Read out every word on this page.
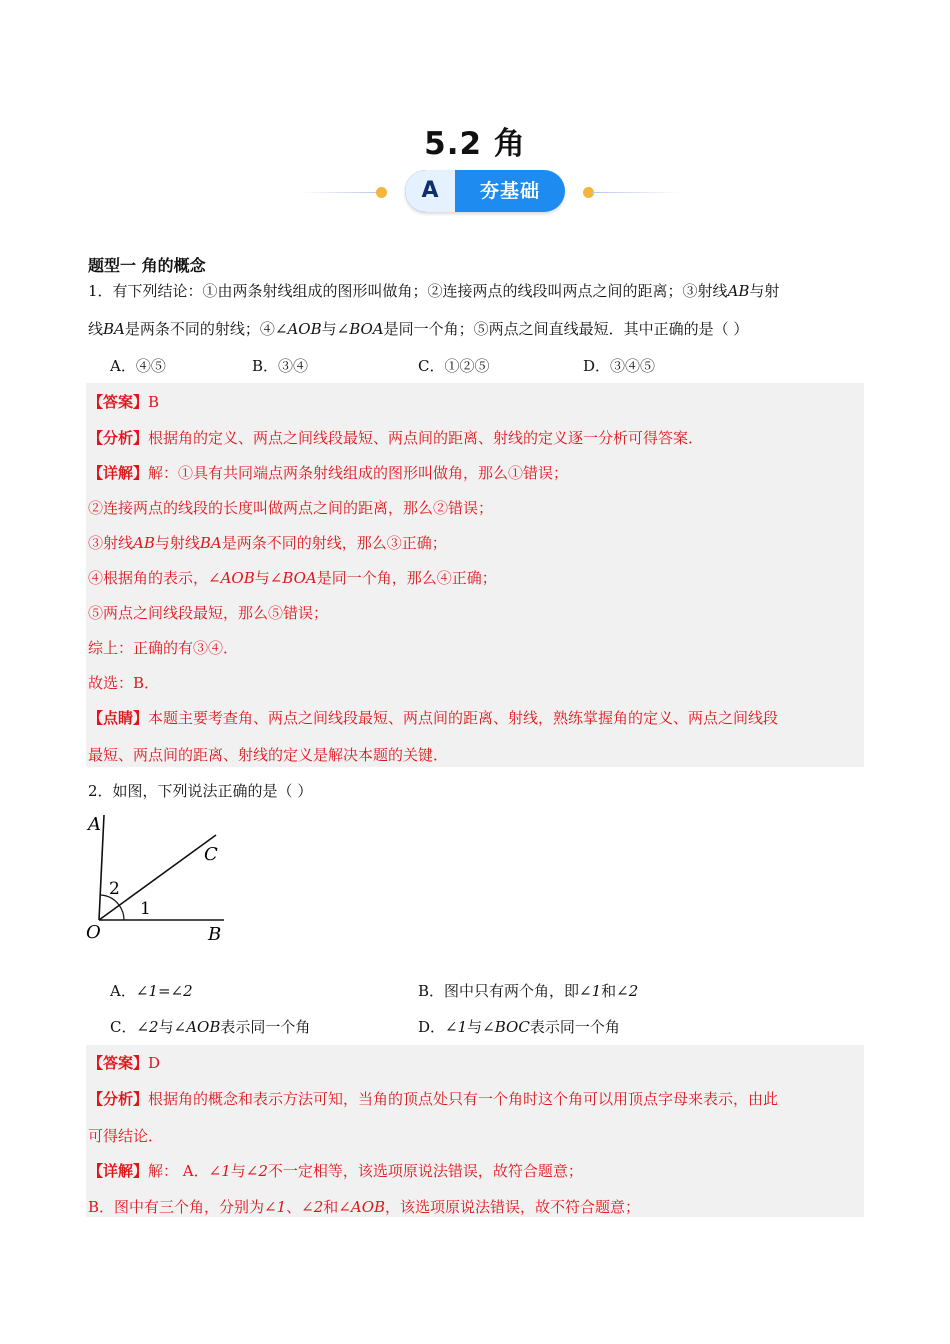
5.2 角
A	夯基础
题型一 角的概念
1．有下列结论：①由两条射线组成的图形叫做角；②连接两点的线段叫两点之间的距离；③射线AB与射
线BA是两条不同的射线；④∠AOB与∠BOA是同一个角；⑤两点之间直线最短．其中正确的是（ ）
A．④⑤	B．③④	C．①②⑤	D．③④⑤
【答案】B
【分析】根据角的定义、两点之间线段最短、两点间的距离、射线的定义逐一分析可得答案．
【详解】解：①具有共同端点两条射线组成的图形叫做角，那么①错误；
②连接两点的线段的长度叫做两点之间的距离，那么②错误；
③射线AB与射线BA是两条不同的射线，那么③正确；
④根据角的表示，∠AOB与∠BOA是同一个角，那么④正确；
⑤两点之间线段最短，那么⑤错误；
综上：正确的有③④．
故选：B．
【点睛】本题主要考查角、两点之间线段最短、两点间的距离、射线，熟练掌握角的定义、两点之间线段
最短、两点间的距离、射线的定义是解决本题的关键．
2．如图，下列说法正确的是（ ）
A
C
O	B
1
2
A．∠1=∠2	B．图中只有两个角，即∠1和∠2
C．∠2与∠AOB表示同一个角	D．∠1与∠BOC表示同一个角
【答案】D
【分析】根据角的概念和表示方法可知，当角的顶点处只有一个角时这个角可以用顶点字母来表示，由此
可得结论．
【详解】解： A．∠1与∠2不一定相等，该选项原说法错误，故符合题意；
B．图中有三个角，分别为∠1、∠2和∠AOB，该选项原说法错误，故不符合题意；
